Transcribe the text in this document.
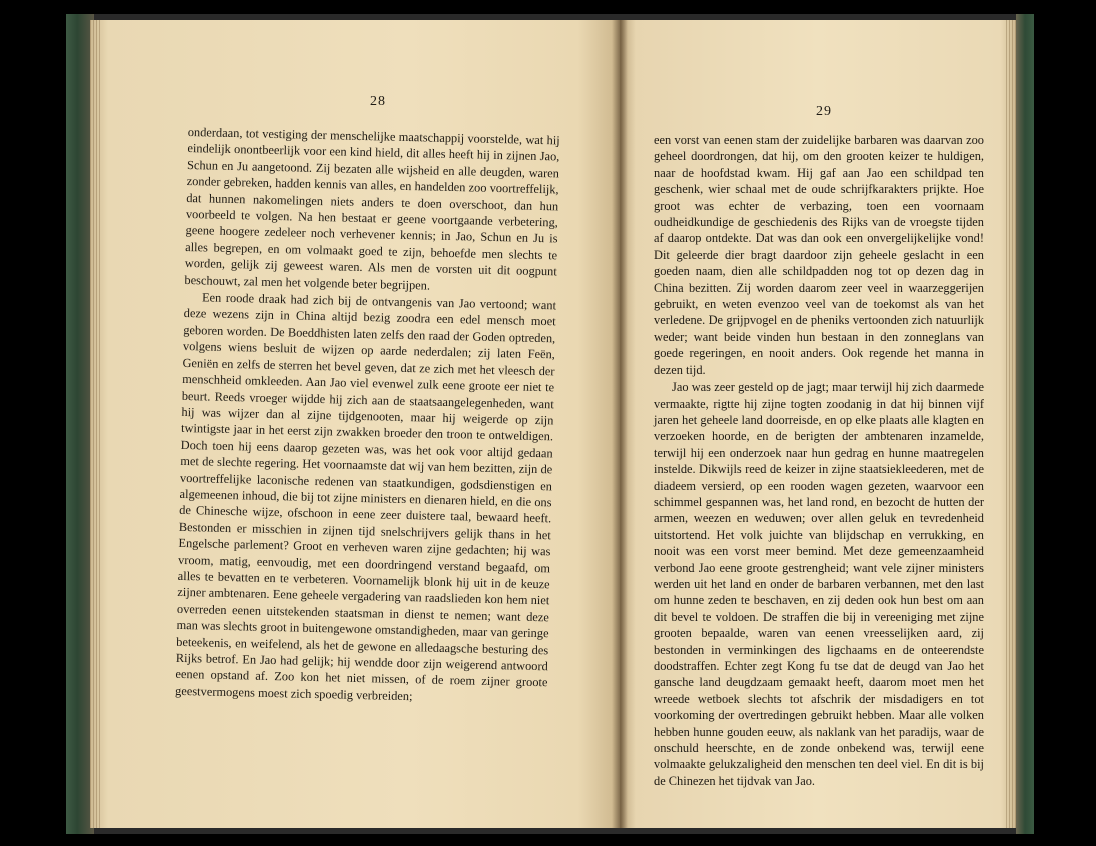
28

onderdaan, tot vestiging der menschelijke maatschappij voorstelde, wat hij eindelijk onontbeerlijk voor een kind hield, dit alles heeft hij in zijnen Jao, Schun en Ju aangetoond. Zij bezaten alle wijsheid en alle deugden, waren zonder gebreken, hadden kennis van alles, en handelden zoo voortreffelijk, dat hunnen nakomelingen niets anders te doen overschoot, dan hun voorbeeld te volgen. Na hen bestaat er geene voortgaande verbetering, geene hoogere zedeleer noch verhevener kennis; in Jao, Schun en Ju is alles begrepen, en om volmaakt goed te zijn, behoefde men slechts te worden, gelijk zij geweest waren. Als men de vorsten uit dit oogpunt beschouwt, zal men het volgende beter begrijpen.

Een roode draak had zich bij de ontvangenis van Jao vertoond; want deze wezens zijn in China altijd bezig zoodra een edel mensch moet geboren worden. De Boeddhisten laten zelfs den raad der Goden optreden, volgens wiens besluit de wijzen op aarde nederdalen; zij laten Feën, Geniën en zelfs de sterren het bevel geven, dat ze zich met het vleesch der menschheid omkleeden. Aan Jao viel evenwel zulk eene groote eer niet te beurt. Reeds vroeger wijdde hij zich aan de staatsaangelegenheden, want hij was wijzer dan al zijne tijdgenooten, maar hij weigerde op zijn twintigste jaar in het eerst zijn zwakken broeder den troon te ontweldigen. Doch toen hij eens daarop gezeten was, was het ook voor altijd gedaan met de slechte regering. Het voornaamste dat wij van hem bezitten, zijn de voortreffelijke laconische redenen van staatkundigen, godsdienstigen en algemeenen inhoud, die bij tot zijne ministers en dienaren hield, en die ons de Chinesche wijze, ofschoon in eene zeer duistere taal, bewaard heeft. Bestonden er misschien in zijnen tijd snelschrijvers gelijk thans in het Engelsche parlement? Groot en verheven waren zijne gedachten; hij was vroom, matig, eenvoudig, met een doordringend verstand begaafd, om alles te bevatten en te verbeteren. Voornamelijk blonk hij uit in de keuze zijner ambtenaren. Eene geheele vergadering van raadslieden kon hem niet overreden eenen uitstekenden staatsman in dienst te nemen; want deze man was slechts groot in buitengewone omstandigheden, maar van geringe beteekenis, en weifelend, als het de gewone en alledaagsche besturing des Rijks betrof. En Jao had gelijk; hij wendde door zijn weigerend antwoord eenen opstand af. Zoo kon het niet missen, of de roem zijner groote geestvermogens moest zich spoedig verbreiden;

29

een vorst van eenen stam der zuidelijke barbaren was daarvan zoo geheel doordrongen, dat hij, om den grooten keizer te huldigen, naar de hoofdstad kwam. Hij gaf aan Jao een schildpad ten geschenk, wier schaal met de oude schrijfkarakters prijkte. Hoe groot was echter de verbazing, toen een voornaam oudheidkundige de geschiedenis des Rijks van de vroegste tijden af daarop ontdekte. Dat was dan ook een onvergelijkelijke vond! Dit geleerde dier bragt daardoor zijn geheele geslacht in een goeden naam, dien alle schildpadden nog tot op dezen dag in China bezitten. Zij worden daarom zeer veel in waarzeggerijen gebruikt, en weten evenzoo veel van de toekomst als van het verledene. De grijpvogel en de pheniks vertoonden zich natuurlijk weder; want beide vinden hun bestaan in den zonneglans van goede regeringen, en nooit anders. Ook regende het manna in dezen tijd.

Jao was zeer gesteld op de jagt; maar terwijl hij zich daarmede vermaakte, rigtte hij zijne togten zoodanig in dat hij binnen vijf jaren het geheele land doorreisde, en op elke plaats alle klagten en verzoeken hoorde, en de berigten der ambtenaren inzamelde, terwijl hij een onderzoek naar hun gedrag en hunne maatregelen instelde. Dikwijls reed de keizer in zijne staatsiekleederen, met de diadeem versierd, op een rooden wagen gezeten, waarvoor een schimmel gespannen was, het land rond, en bezocht de hutten der armen, weezen en weduwen; over allen geluk en tevredenheid uitstortend. Het volk juichte van blijdschap en verrukking, en nooit was een vorst meer bemind. Met deze gemeenzaamheid verbond Jao eene groote gestrengheid; want vele zijner ministers werden uit het land en onder de barbaren verbannen, met den last om hunne zeden te beschaven, en zij deden ook hun best om aan dit bevel te voldoen. De straffen die bij in vereeniging met zijne grooten bepaalde, waren van eenen vreesselijken aard, zij bestonden in verminkingen des ligchaams en de onteerendste doodstraffen. Echter zegt Kong fu tse dat de deugd van Jao het gansche land deugdzaam gemaakt heeft, daarom moet men het wreede wetboek slechts tot afschrik der misdadigers en tot voorkoming der overtredingen gebruikt hebben. Maar alle volken hebben hunne gouden eeuw, als naklank van het paradijs, waar de onschuld heerschte, en de zonde onbekend was, terwijl eene volmaakte gelukzaligheid den menschen ten deel viel. En dit is bij de Chinezen het tijdvak van Jao.
